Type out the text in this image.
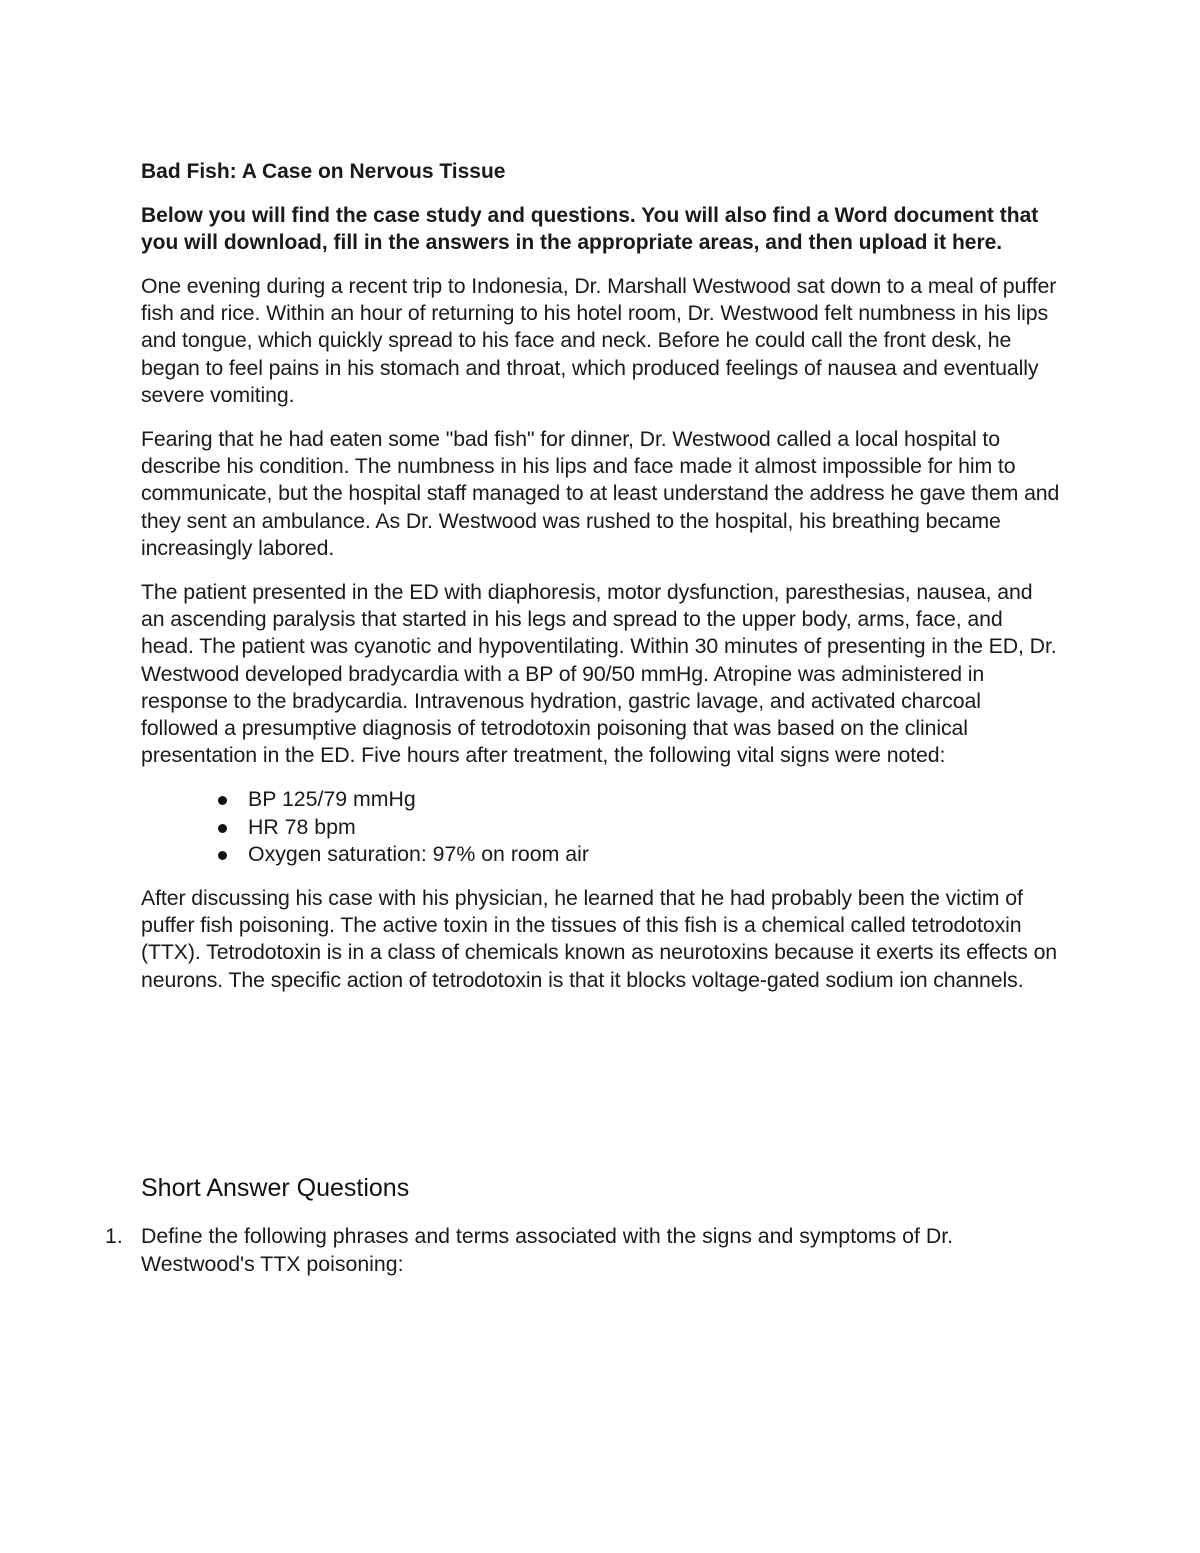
Bad Fish: A Case on Nervous Tissue
Below you will find the case study and questions. You will also find a Word document that you will download, fill in the answers in the appropriate areas, and then upload it here.

One evening during a recent trip to Indonesia, Dr. Marshall Westwood sat down to a meal of puffer fish and rice. Within an hour of returning to his hotel room, Dr. Westwood felt numbness in his lips and tongue, which quickly spread to his face and neck. Before he could call the front desk, he began to feel pains in his stomach and throat, which produced feelings of nausea and eventually severe vomiting.

Fearing that he had eaten some "bad fish" for dinner, Dr. Westwood called a local hospital to describe his condition. The numbness in his lips and face made it almost impossible for him to communicate, but the hospital staff managed to at least understand the address he gave them and they sent an ambulance. As Dr. Westwood was rushed to the hospital, his breathing became increasingly labored.

The patient presented in the ED with diaphoresis, motor dysfunction, paresthesias, nausea, and an ascending paralysis that started in his legs and spread to the upper body, arms, face, and head. The patient was cyanotic and hypoventilating. Within 30 minutes of presenting in the ED, Dr. Westwood developed bradycardia with a BP of 90/50 mmHg. Atropine was administered in response to the bradycardia. Intravenous hydration, gastric lavage, and activated charcoal followed a presumptive diagnosis of tetrodotoxin poisoning that was based on the clinical presentation in the ED. Five hours after treatment, the following vital signs were noted:

BP 125/79 mmHg
HR 78 bpm
Oxygen saturation: 97% on room air

After discussing his case with his physician, he learned that he had probably been the victim of puffer fish poisoning. The active toxin in the tissues of this fish is a chemical called tetrodotoxin (TTX). Tetrodotoxin is in a class of chemicals known as neurotoxins because it exerts its effects on neurons. The specific action of tetrodotoxin is that it blocks voltage-gated sodium ion channels.

Short Answer Questions
1. Define the following phrases and terms associated with the signs and symptoms of Dr. Westwood's TTX poisoning:
